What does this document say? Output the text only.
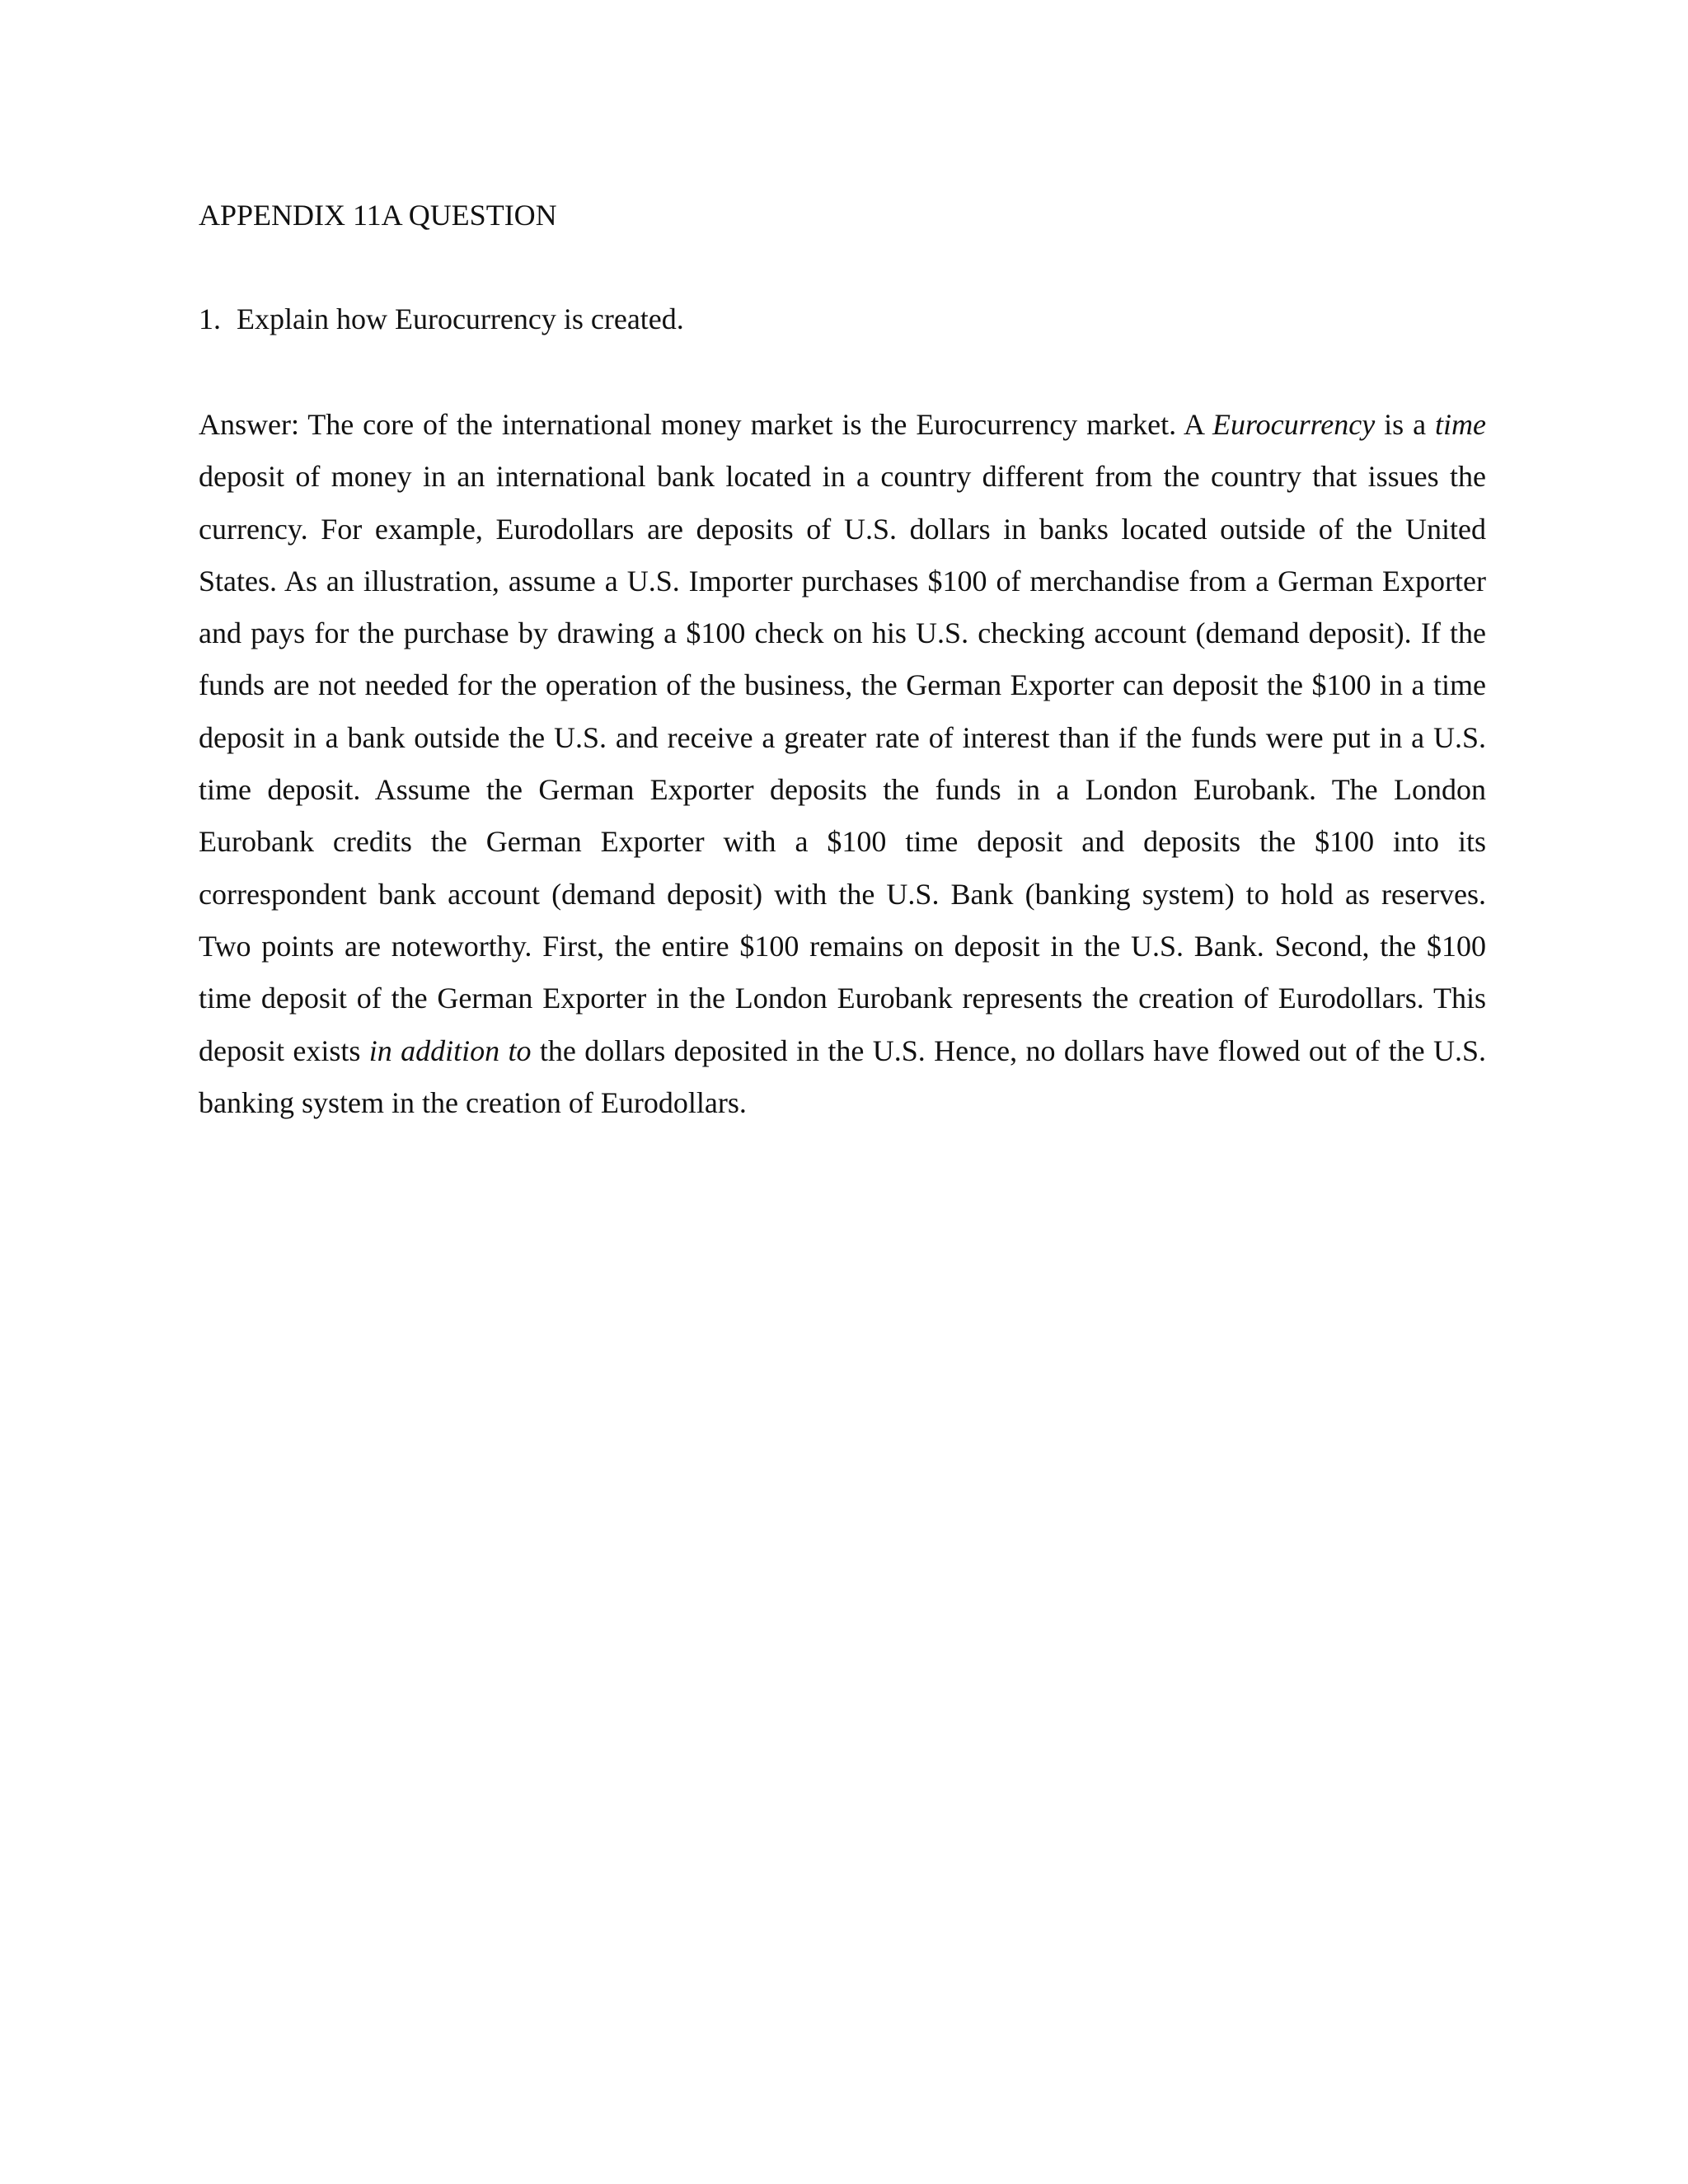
APPENDIX 11A QUESTION
1. Explain how Eurocurrency is created.

Answer: The core of the international money market is the Eurocurrency market. A Eurocurrency is a time deposit of money in an international bank located in a country different from the country that issues the currency. For example, Eurodollars are deposits of U.S. dollars in banks located outside of the United States. As an illustration, assume a U.S. Importer purchases $100 of merchandise from a German Exporter and pays for the purchase by drawing a $100 check on his U.S. checking account (demand deposit). If the funds are not needed for the operation of the business, the German Exporter can deposit the $100 in a time deposit in a bank outside the U.S. and receive a greater rate of interest than if the funds were put in a U.S. time deposit. Assume the German Exporter deposits the funds in a London Eurobank. The London Eurobank credits the German Exporter with a $100 time deposit and deposits the $100 into its correspondent bank account (demand deposit) with the U.S. Bank (banking system) to hold as reserves. Two points are noteworthy. First, the entire $100 remains on deposit in the U.S. Bank. Second, the $100 time deposit of the German Exporter in the London Eurobank represents the creation of Eurodollars. This deposit exists in addition to the dollars deposited in the U.S. Hence, no dollars have flowed out of the U.S. banking system in the creation of Eurodollars.
